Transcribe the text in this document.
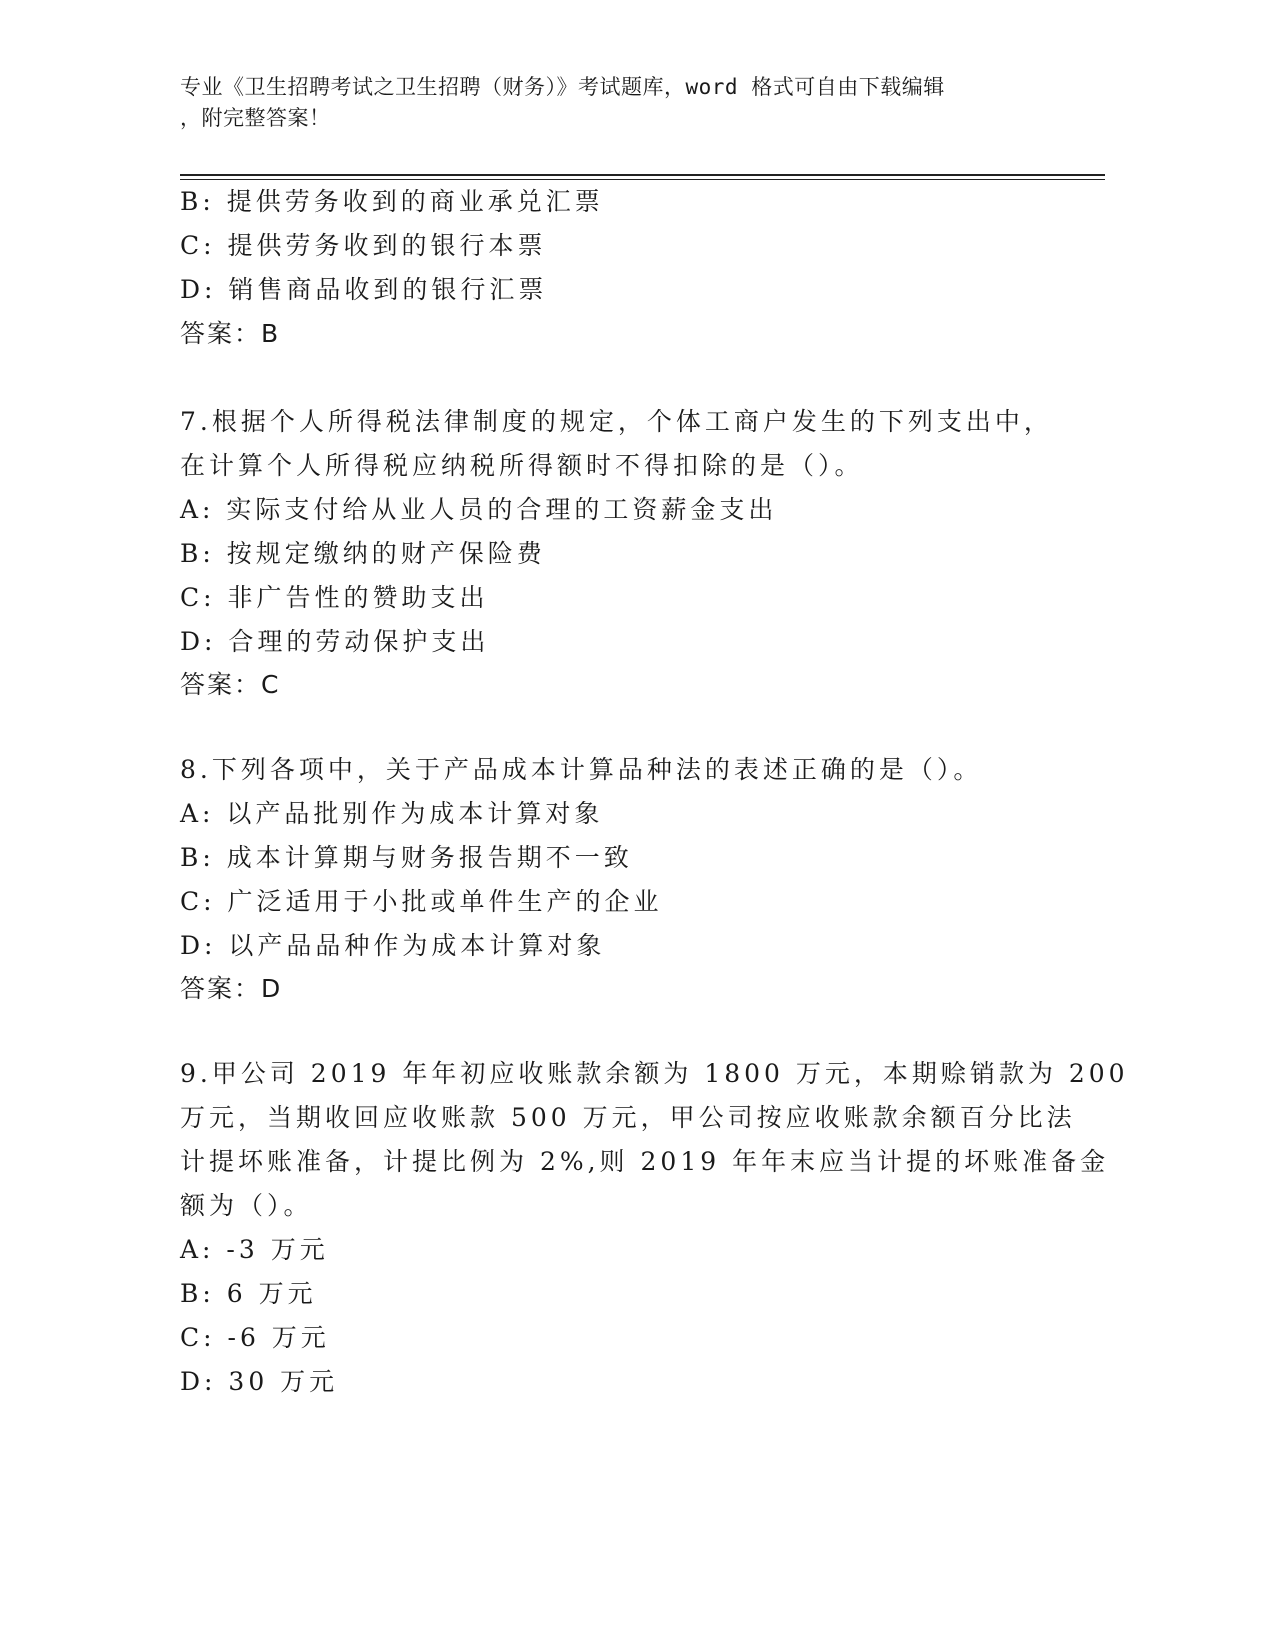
专业《卫生招聘考试之卫生招聘（财务）》考试题库，word 格式可自由下载编辑
，附完整答案！
B: 提供劳务收到的商业承兑汇票
C: 提供劳务收到的银行本票
D: 销售商品收到的银行汇票
答案：B
7.根据个人所得税法律制度的规定，个体工商户发生的下列支出中，
在计算个人所得税应纳税所得额时不得扣除的是（）。
A: 实际支付给从业人员的合理的工资薪金支出
B: 按规定缴纳的财产保险费
C: 非广告性的赞助支出
D: 合理的劳动保护支出
答案：C
8.下列各项中，关于产品成本计算品种法的表述正确的是（）。
A: 以产品批别作为成本计算对象
B: 成本计算期与财务报告期不一致
C: 广泛适用于小批或单件生产的企业
D: 以产品品种作为成本计算对象
答案：D
9.甲公司 2019 年年初应收账款余额为 1800 万元，本期赊销款为 200
万元，当期收回应收账款 500 万元，甲公司按应收账款余额百分比法
计提坏账准备，计提比例为 2%,则 2019 年年末应当计提的坏账准备金
额为（）。
A: -3 万元
B: 6 万元
C: -6 万元
D: 30 万元
